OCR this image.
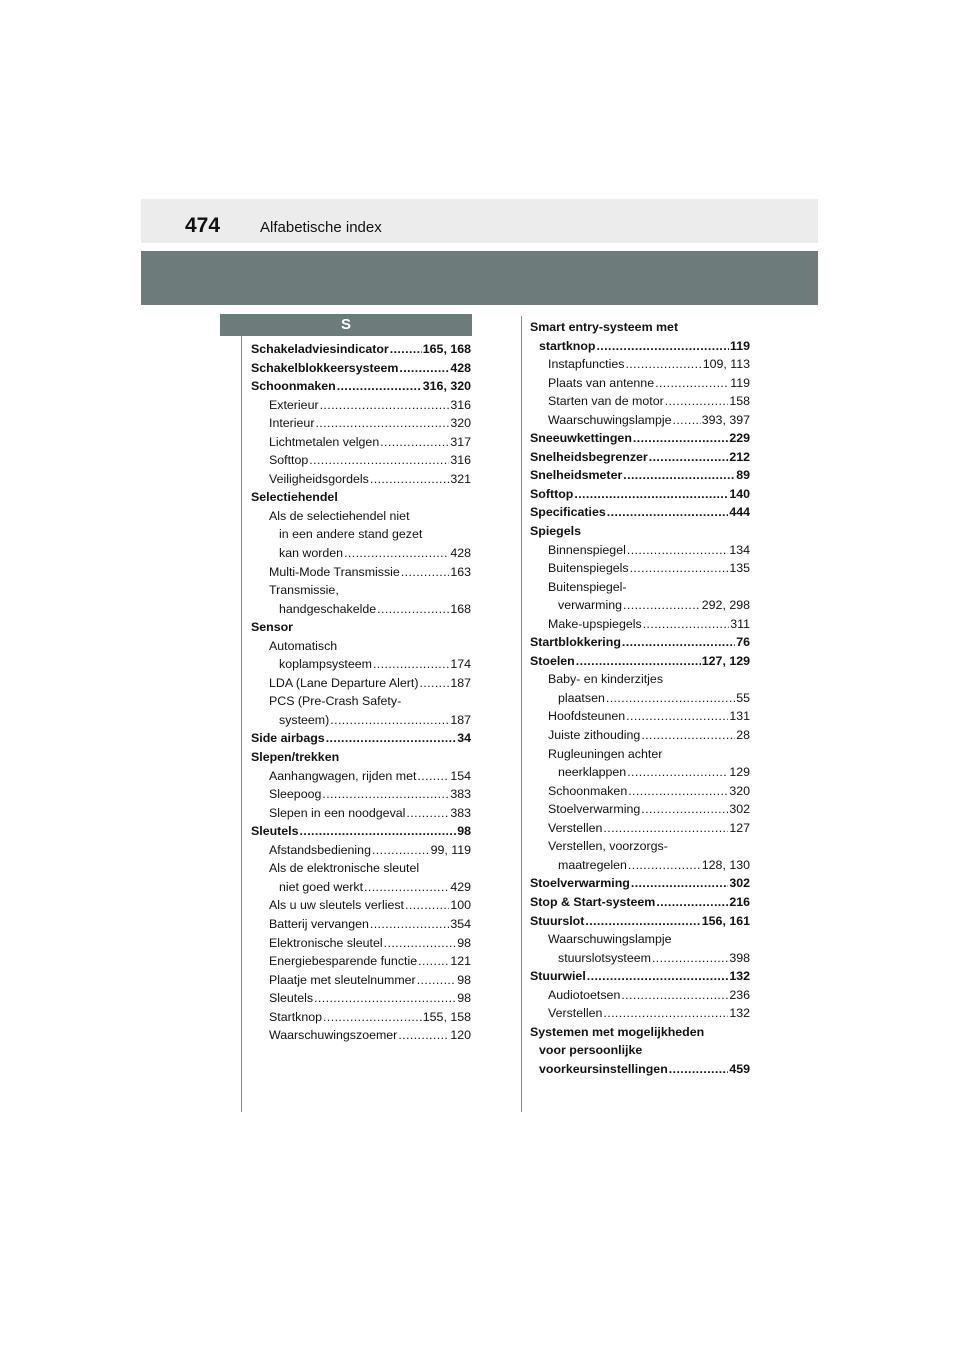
474	Alfabetische index
S
Schakeladviesindicator .....	165, 168
Schakelblokkeersysteem .....	428
Schoonmaken .....	316, 320
Exterieur .....	316
Interieur .....	320
Lichtmetalen velgen .....	317
Softtop .....	316
Veiligheidsgordels .....	321
Selectiehendel
Als de selectiehendel niet
in een andere stand gezet
kan worden .....	428
Multi-Mode Transmissie .....	163
Transmissie,
handgeschakelde .....	168
Sensor
Automatisch
koplampsysteem .....	174
LDA (Lane Departure Alert) .....	187
PCS (Pre-Crash Safety-
systeem) .....	187
Side airbags .....	34
Slepen/trekken
Aanhangwagen, rijden met .....	154
Sleepoog .....	383
Slepen in een noodgeval .....	383
Sleutels .....	98
Afstandsbediening .....	99, 119
Als de elektronische sleutel
niet goed werkt .....	429
Als u uw sleutels verliest .....	100
Batterij vervangen .....	354
Elektronische sleutel .....	98
Energiebesparende functie .....	121
Plaatje met sleutelnummer .....	98
Sleutels .....	98
Startknop .....	155, 158
Waarschuwingszoemer .....	120
Smart entry-systeem met
startknop .....	119
Instapfuncties .....	109, 113
Plaats van antenne .....	119
Starten van de motor .....	158
Waarschuwingslampje ..... 393, 397
Sneeuwkettingen .....	229
Snelheidsbegrenzer .....	212
Snelheidsmeter .....	89
Softtop .....	140
Specificaties .....	444
Spiegels
Binnenspiegel .....	134
Buitenspiegels .....	135
Buitenspiegel-
verwarming .....	292, 298
Make-upspiegels .....	311
Startblokkering .....	76
Stoelen .....	127, 129
Baby- en kinderzitjes
plaatsen .....	55
Hoofdsteunen .....	131
Juiste zithouding .....	28
Rugleuningen achter
neerklappen .....	129
Schoonmaken .....	320
Stoelverwarming .....	302
Verstellen .....	127
Verstellen, voorzorgs-
maatregelen .....	128, 130
Stoelverwarming .....	302
Stop & Start-systeem .....	216
Stuurslot .....	156, 161
Waarschuwingslampje
stuurslotsysteem .....	398
Stuurwiel .....	132
Audiotoetsen .....	236
Verstellen .....	132
Systemen met mogelijkheden
voor persoonlijke
voorkeursinstellingen .....	459
